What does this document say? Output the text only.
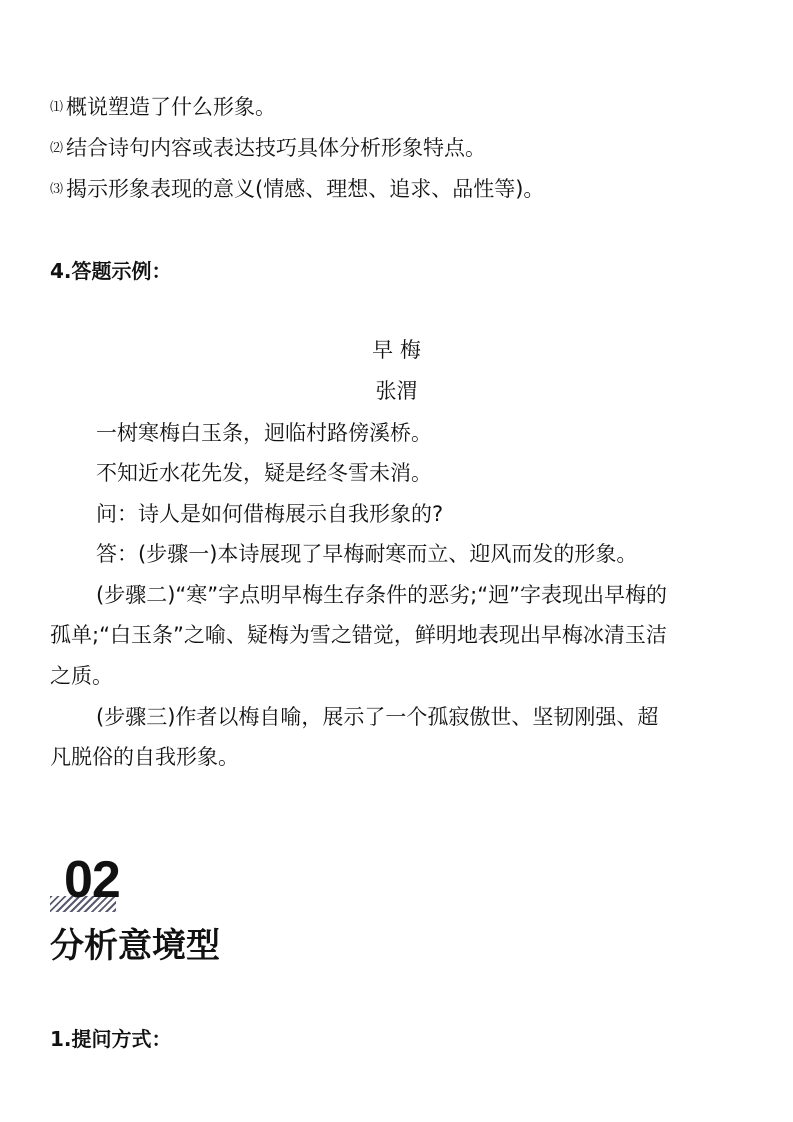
⑴ 概说塑造了什么形象。
⑵ 结合诗句内容或表达技巧具体分析形象特点。
⑶ 揭示形象表现的意义(情感、理想、追求、品性等)。
4.答题示例：
早 梅
张渭
一树寒梅白玉条，迥临村路傍溪桥。
不知近水花先发，疑是经冬雪未消。
问：诗人是如何借梅展示自我形象的?
答：(步骤一)本诗展现了早梅耐寒而立、迎风而发的形象。
(步骤二)“寒”字点明早梅生存条件的恶劣;“迥”字表现出早梅的
孤单;“白玉条”之喻、疑梅为雪之错觉，鲜明地表现出早梅冰清玉洁
之质。
(步骤三)作者以梅自喻，展示了一个孤寂傲世、坚韧刚强、超
凡脱俗的自我形象。
02
分析意境型
1.提问方式：
